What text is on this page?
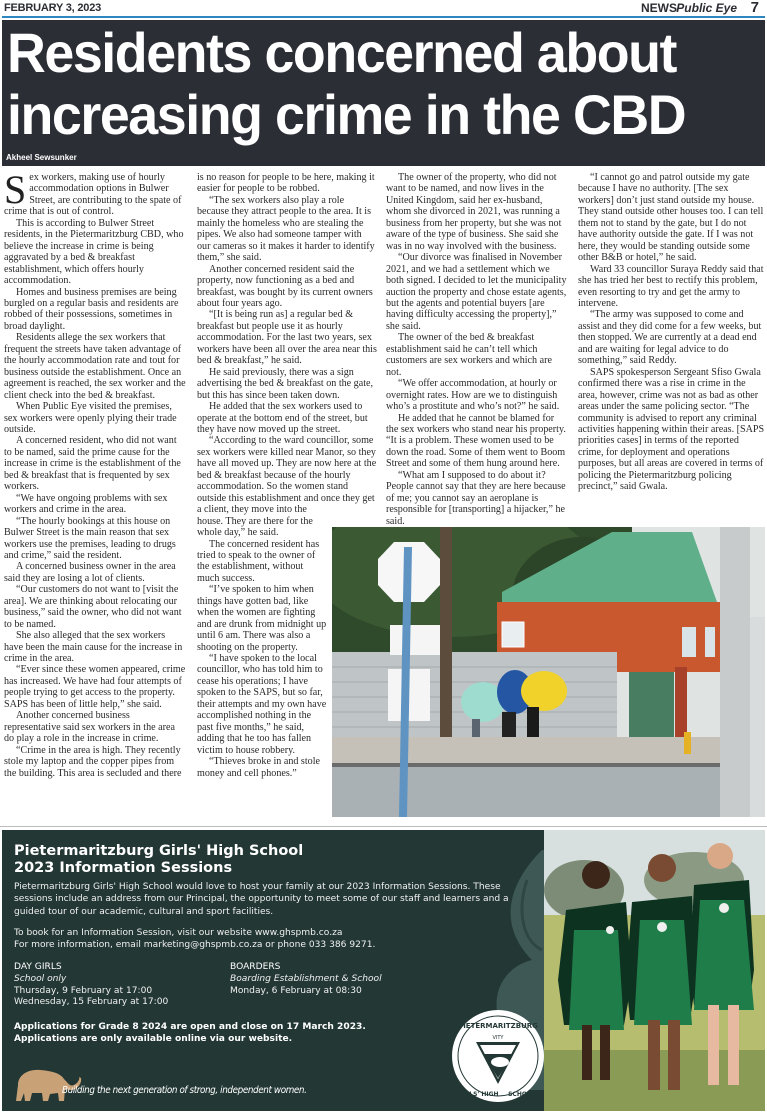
FEBRUARY 3, 2023	NEWS Public Eye 7
Residents concerned about
increasing crime in the CBD
Akheel Sewsunker

Sex workers, making use of hourly accommodation options in Bulwer Street, are contributing to the spate of crime that is out of control.

This is according to Bulwer Street residents, in the Pietermaritzburg CBD, who believe the increase in crime is being aggravated by a bed & breakfast establishment, which offers hourly accommodation.

Homes and business premises are being burgled on a regular basis and residents are robbed of their possessions, sometimes in broad daylight.

Residents allege the sex workers that frequent the streets have taken advantage of the hourly accommodation rate and tout for business outside the establishment. Once an agreement is reached, the sex worker and the client check into the bed & breakfast.

When Public Eye visited the premises, sex workers were openly plying their trade outside.

A concerned resident, who did not want to be named, said the prime cause for the increase in crime is the establishment of the bed & breakfast that is frequented by sex workers.

“We have ongoing problems with sex workers and crime in the area.

“The hourly bookings at this house on Bulwer Street is the main reason that sex workers use the premises, leading to drugs and crime,” said the resident.

A concerned business owner in the area said they are losing a lot of clients.

“Our customers do not want to [visit the area]. We are thinking about relocating our business,” said the owner, who did not want to be named.

She also alleged that the sex workers have been the main cause for the increase in crime in the area.

“Ever since these women appeared, crime has increased. We have had four attempts of people trying to get access to the property. SAPS has been of little help,” she said.

Another concerned business representative said sex workers in the area do play a role in the increase in crime.

“Crime in the area is high. They recently stole my laptop and the copper pipes from the building. This area is secluded and there

is no reason for people to be here, making it easier for people to be robbed.

“The sex workers also play a role because they attract people to the area. It is mainly the homeless who are stealing the pipes. We also had someone tamper with our cameras so it makes it harder to identify them,” she said.

Another concerned resident said the property, now functioning as a bed and breakfast, was bought by its current owners about four years ago.

“[It is being run as] a regular bed & breakfast but people use it as hourly accommodation. For the last two years, sex workers have been all over the area near this bed & breakfast,” he said.

He said previously, there was a sign advertising the bed & breakfast on the gate, but this has since been taken down.

He added that the sex workers used to operate at the bottom end of the street, but they have now moved up the street.

“According to the ward councillor, some sex workers were killed near Manor, so they have all moved up. They are now here at the bed & breakfast because of the hourly accommodation. So the women stand outside this establishment and once they get

a client, they move into the house. They are there for the whole day,” he said.

The concerned resident has tried to speak to the owner of the establishment, without much success.

“I’ve spoken to him when things have gotten bad, like when the women are fighting and are drunk from midnight up until 6 am. There was also a shooting on the property.

“I have spoken to the local councillor, who has told him to cease his operations; I have spoken to the SAPS, but so far, their attempts and my own have accomplished nothing in the past five months,” he said, adding that he too has fallen victim to house robbery.

“Thieves broke in and stole money and cell phones.”

The owner of the property, who did not want to be named, and now lives in the United Kingdom, said her ex-husband, whom she divorced in 2021, was running a business from her property, but she was not aware of the type of business. She said she was in no way involved with the business.

“Our divorce was finalised in November 2021, and we had a settlement which we both signed. I decided to let the municipality auction the property and chose estate agents, but the agents and potential buyers [are having difficulty accessing the property],” she said.

The owner of the bed & breakfast establishment said he can’t tell which customers are sex workers and which are not.

“We offer accommodation, at hourly or overnight rates. How are we to distinguish who’s a prostitute and who’s not?” he said.

He added that he cannot be blamed for the sex workers who stand near his property. “It is a problem. These women used to be down the road. Some of them went to Boom Street and some of them hung around here.

“What am I supposed to do about it? People cannot say that they are here because of me; you cannot say an aeroplane is responsible for [transporting] a hijacker,” he said.

“I cannot go and patrol outside my gate because I have no authority. [The sex workers] don’t just stand outside my house. They stand outside other houses too. I can tell them not to stand by the gate, but I do not have authority outside the gate. If I was not here, they would be standing outside some other B&B or hotel,” he said.

Ward 33 councillor Suraya Reddy said that she has tried her best to rectify this problem, even resorting to try and get the army to intervene.

“The army was supposed to come and assist and they did come for a few weeks, but then stopped. We are currently at a dead end and are waiting for legal advice to do something,” said Reddy.

SAPS spokesperson Sergeant Sfiso Gwala confirmed there was a rise in crime in the area, however, crime was not as bad as other areas under the same policing sector. “The community is advised to report any criminal activities happening within their areas. [SAPS priorities cases] in terms of the reported crime, for deployment and operations purposes, but all areas are covered in terms of policing the Pietermaritzburg policing precinct,” said Gwala.

Pietermaritzburg Girls' High School
2023 Information Sessions
Pietermaritzburg Girls' High School would love to host your family at our 2023 Information Sessions. These sessions include an address from our Principal, the opportunity to meet some of our staff and learners and a guided tour of our academic, cultural and sport facilities.
To book for an Information Session, visit our website www.ghspmb.co.za
For more information, email marketing@ghspmb.co.za or phone 033 386 9271.
DAY GIRLS
School only
Thursday, 9 February at 17:00
Wednesday, 15 February at 17:00
BOARDERS
Boarding Establishment & School
Monday, 6 February at 08:30
Applications for Grade 8 2024 are open and close on 17 March 2023.
Applications are only available online via our website.
Building the next generation of strong, independent women.
PIETERMARITZBURG
VITY
GIRLS' HIGH SCHOOL
